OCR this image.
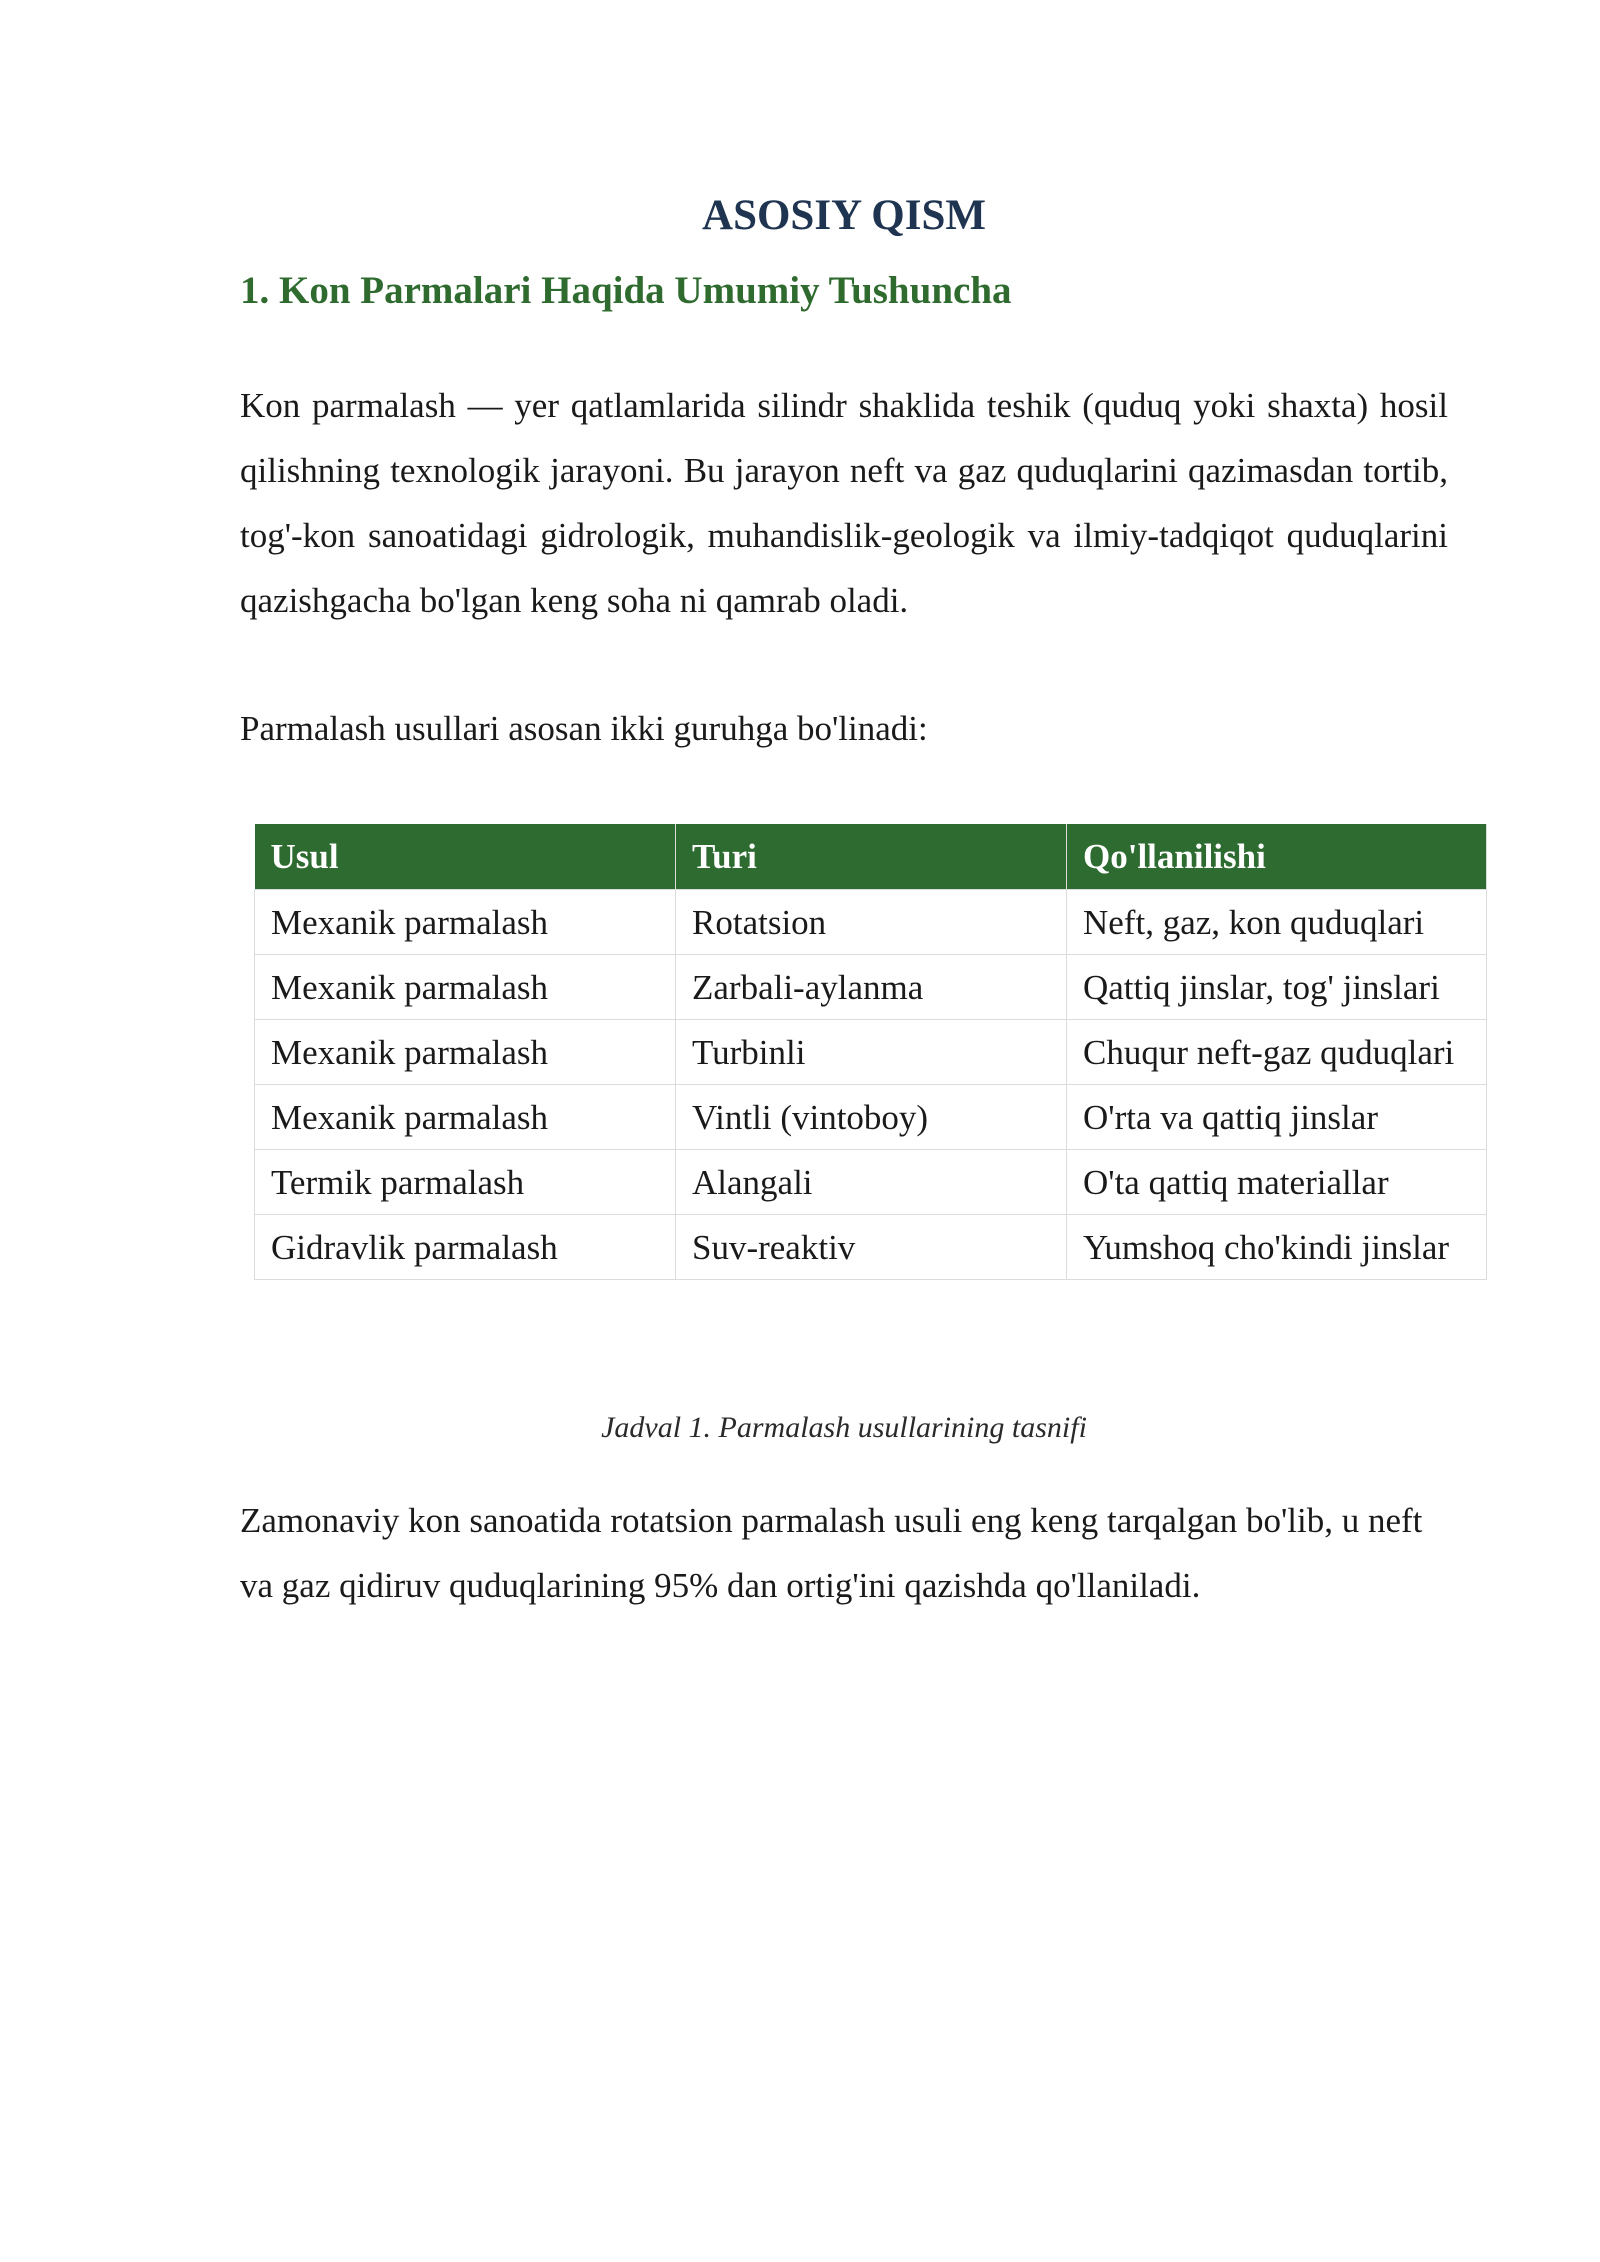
ASOSIY QISM
1. Kon Parmalari Haqida Umumiy Tushuncha

Kon parmalash — yer qatlamlarida silindr shaklida teshik (quduq yoki shaxta) hosil qilishning texnologik jarayoni. Bu jarayon neft va gaz quduqlarini qazimasdan tortib, tog'-kon sanoatidagi gidrologik, muhandislik-geologik va ilmiy-tadqiqot quduqlarini qazishgacha bo'lgan keng soha ni qamrab oladi.

Parmalash usullari asosan ikki guruhga bo'linadi:

Usul	Turi	Qo'llanilishi
Mexanik parmalash	Rotatsion	Neft, gaz, kon quduqlari
Mexanik parmalash	Zarbali-aylanma	Qattiq jinslar, tog' jinslari
Mexanik parmalash	Turbinli	Chuqur neft-gaz quduqlari
Mexanik parmalash	Vintli (vintoboy)	O'rta va qattiq jinslar
Termik parmalash	Alangali	O'ta qattiq materiallar
Gidravlik parmalash	Suv-reaktiv	Yumshoq cho'kindi jinslar

Jadval 1. Parmalash usullarining tasnifi

Zamonaviy kon sanoatida rotatsion parmalash usuli eng keng tarqalgan bo'lib, u neft va gaz qidiruv quduqlarining 95% dan ortig'ini qazishda qo'llaniladi.
